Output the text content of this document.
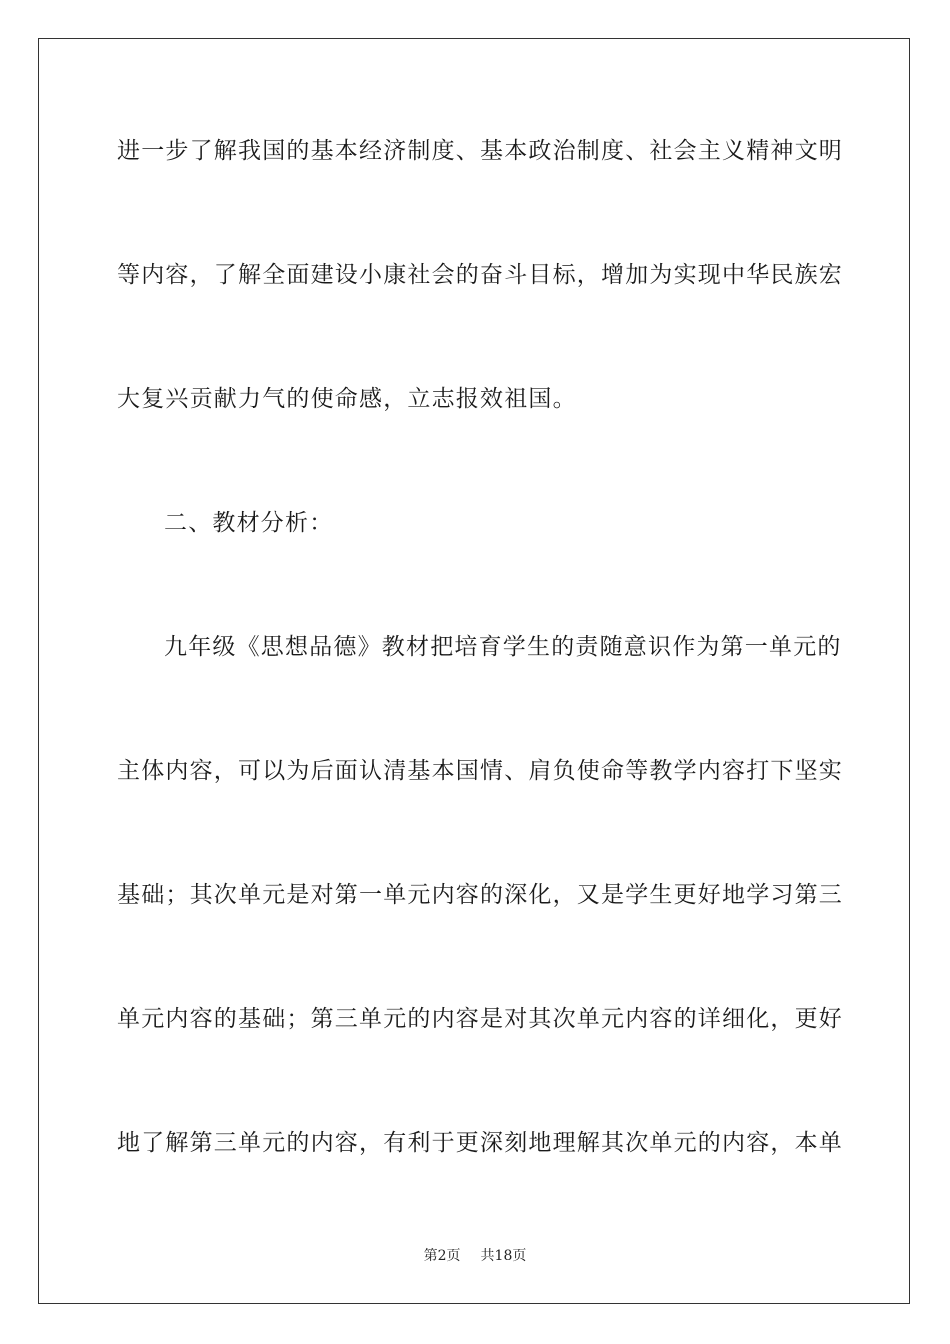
进一步了解我国的基本经济制度、基本政治制度、社会主义精神文明
等内容，了解全面建设小康社会的奋斗目标，增加为实现中华民族宏
大复兴贡献力气的使命感，立志报效祖国。
二、教材分析：
九年级《思想品德》教材把培育学生的责随意识作为第一单元的
主体内容，可以为后面认清基本国情、肩负使命等教学内容打下坚实
基础；其次单元是对第一单元内容的深化，又是学生更好地学习第三
单元内容的基础；第三单元的内容是对其次单元内容的详细化，更好
地了解第三单元的内容，有利于更深刻地理解其次单元的内容，本单
第2页 共18页
